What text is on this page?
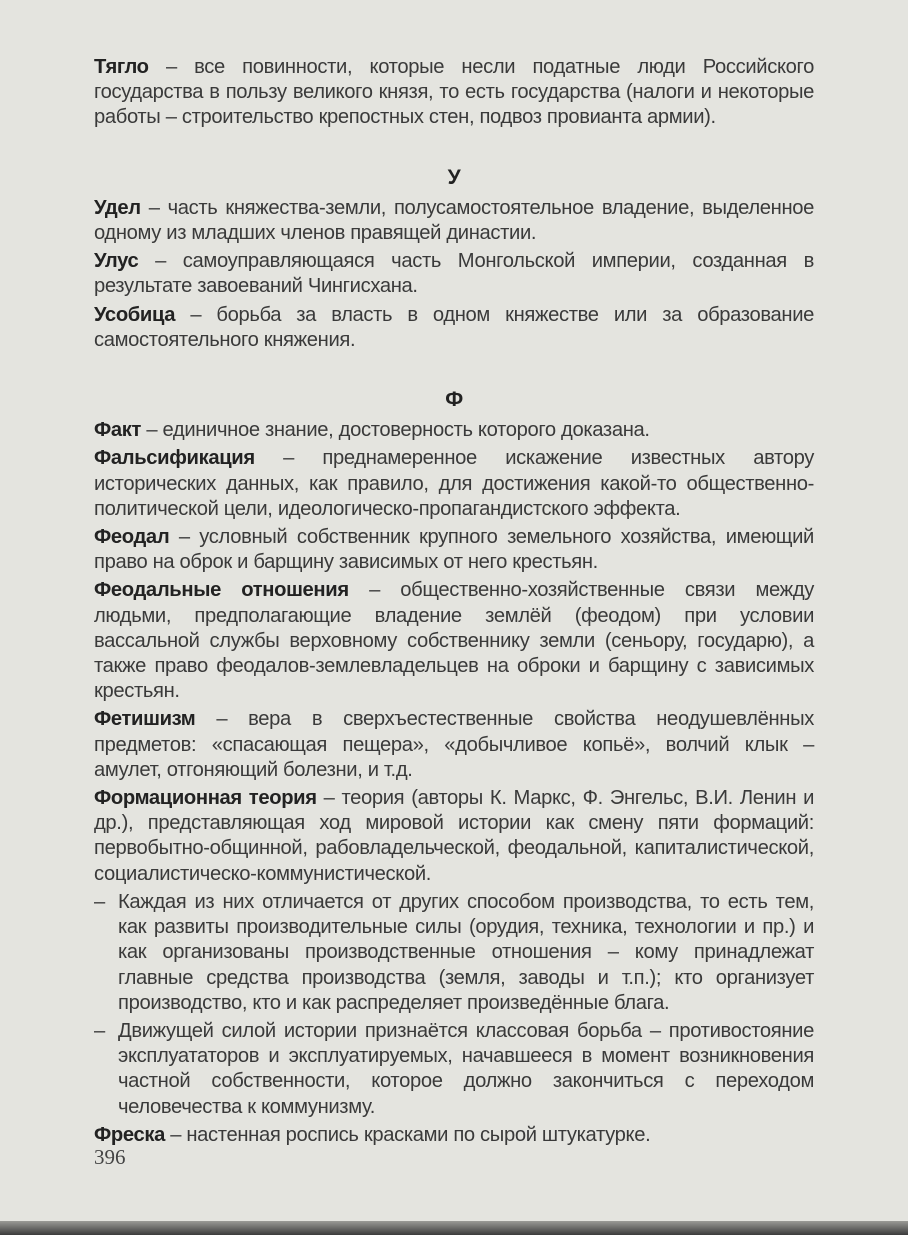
Тягло – все повинности, которые несли податные люди Российского государства в пользу великого князя, то есть государства (налоги и некоторые работы – строительство крепостных стен, подвоз провианта армии).

У

Удел – часть княжества-земли, полусамостоятельное владение, выделенное одному из младших членов правящей династии.

Улус – самоуправляющаяся часть Монгольской империи, созданная в результате завоеваний Чингисхана.

Усобица – борьба за власть в одном княжестве или за образование самостоятельного княжения.

Ф

Факт – единичное знание, достоверность которого доказана.

Фальсификация – преднамеренное искажение известных автору исторических данных, как правило, для достижения какой-то общественно-политической цели, идеологическо-пропагандистского эффекта.

Феодал – условный собственник крупного земельного хозяйства, имеющий право на оброк и барщину зависимых от него крестьян.

Феодальные отношения – общественно-хозяйственные связи между людьми, предполагающие владение землёй (феодом) при условии вассальной службы верховному собственнику земли (сеньору, государю), а также право феодалов-землевладельцев на оброки и барщину с зависимых крестьян.

Фетишизм – вера в сверхъестественные свойства неодушевлённых предметов: «спасающая пещера», «добычливое копьё», волчий клык – амулет, отгоняющий болезни, и т.д.

Формационная теория – теория (авторы К. Маркс, Ф. Энгельс, В.И. Ленин и др.), представляющая ход мировой истории как смену пяти формаций: первобытно-общинной, рабовладельческой, феодальной, капиталистической, социалистическо-коммунистической.

– Каждая из них отличается от других способом производства, то есть тем, как развиты производительные силы (орудия, техника, технологии и пр.) и как организованы производственные отношения – кому принадлежат главные средства производства (земля, заводы и т.п.); кто организует производство, кто и как распределяет произведённые блага.
– Движущей силой истории признаётся классовая борьба – противостояние эксплуататоров и эксплуатируемых, начавшееся в момент возникновения частной собственности, которое должно закончиться с переходом человечества к коммунизму.

Фреска – настенная роспись красками по сырой штукатурке.

396
